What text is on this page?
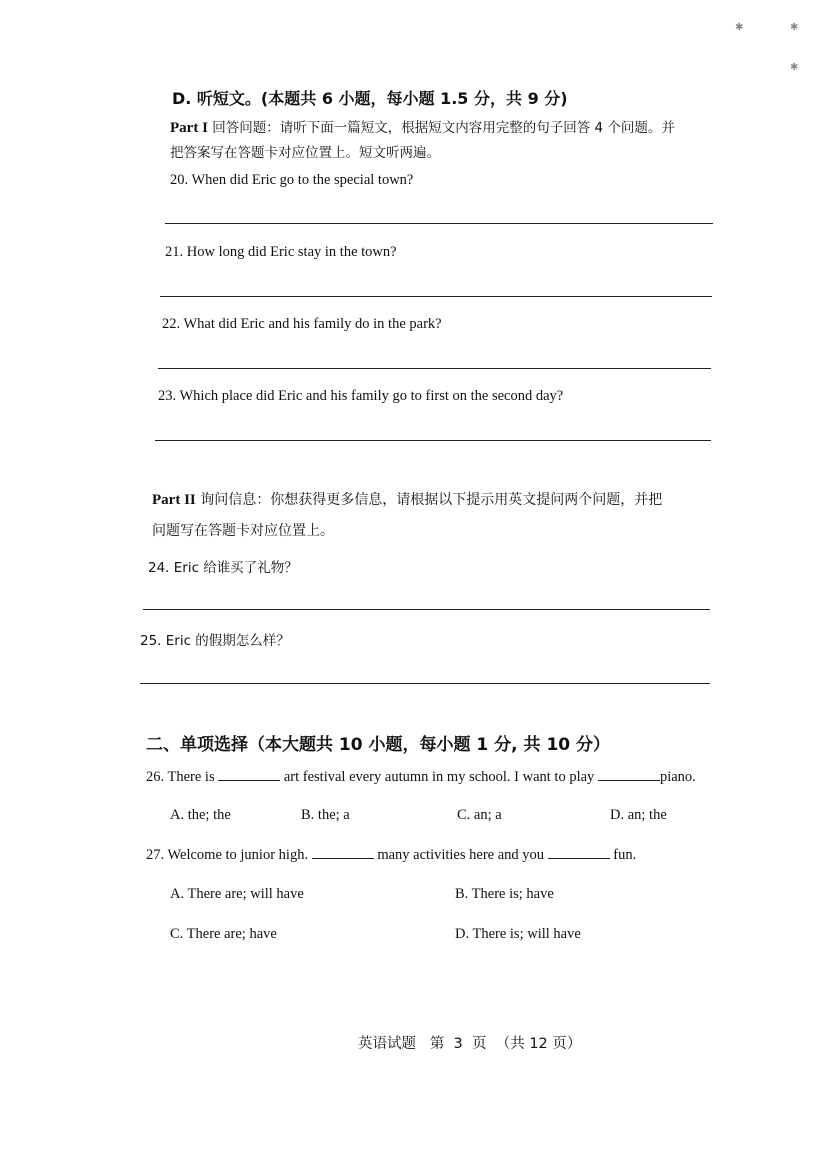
✱	✱
✱
D. 听短文。(本题共 6 小题，每小题 1.5 分，共 9 分)
Part I 回答问题：请听下面一篇短文，根据短文内容用完整的句子回答 4 个问题。并
把答案写在答题卡对应位置上。短文听两遍。
20. When did Eric go to the special town?
21. How long did Eric stay in the town?
22. What did Eric and his family do in the park?
23. Which place did Eric and his family go to first on the second day?
Part II 询问信息：你想获得更多信息，请根据以下提示用英文提问两个问题，并把
问题写在答题卡对应位置上。
24. Eric 给谁买了礼物？
25. Eric 的假期怎么样？
二、单项选择（本大题共 10 小题，每小题 1 分, 共 10 分）
26. There is	art festival every autumn in my school. I want to play	piano.
A. the; the	B. the; a	C. an; a	D. an; the
27. Welcome to junior high.	many activities here and you	fun.
A. There are; will have	B. There is; have
C. There are; have	D. There is; will have
英语试题   第  3  页  （共 12 页）
